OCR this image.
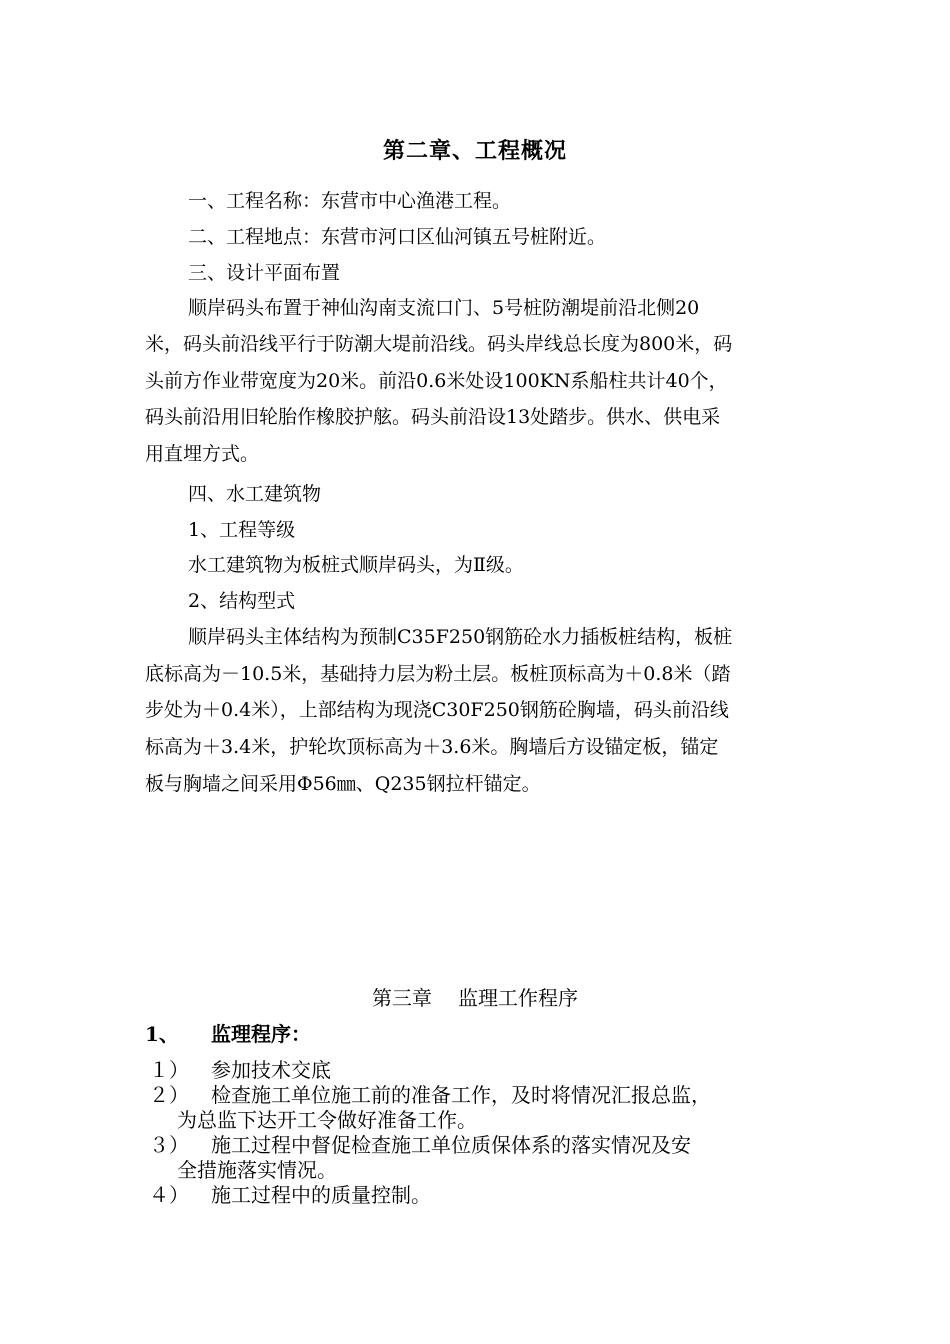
第二章、工程概况
一、工程名称：东营市中心渔港工程。
二、工程地点：东营市河口区仙河镇五号桩附近。
三、设计平面布置
顺岸码头布置于神仙沟南支流口门、5号桩防潮堤前沿北侧20
米，码头前沿线平行于防潮大堤前沿线。码头岸线总长度为800米，码
头前方作业带宽度为20米。前沿0.6米处设100KN系船柱共计40个，
码头前沿用旧轮胎作橡胶护舷。码头前沿设13处踏步。供水、供电采
用直埋方式。
四、水工建筑物
1、工程等级
水工建筑物为板桩式顺岸码头，为Ⅱ级。
2、结构型式
顺岸码头主体结构为预制C35F250钢筋砼水力插板桩结构，板桩
底标高为－10.5米，基础持力层为粉土层。板桩顶标高为＋0.8米（踏
步处为＋0.4米），上部结构为现浇C30F250钢筋砼胸墙，码头前沿线
标高为＋3.4米，护轮坎顶标高为＋3.6米。胸墙后方设锚定板，锚定
板与胸墙之间采用Φ56㎜、Q235钢拉杆锚定。
第三章 监理工作程序
1、 监理程序：
１） 参加技术交底
２） 检查施工单位施工前的准备工作，及时将情况汇报总监，
为总监下达开工令做好准备工作。
３） 施工过程中督促检查施工单位质保体系的落实情况及安
全措施落实情况。
４） 施工过程中的质量控制。
